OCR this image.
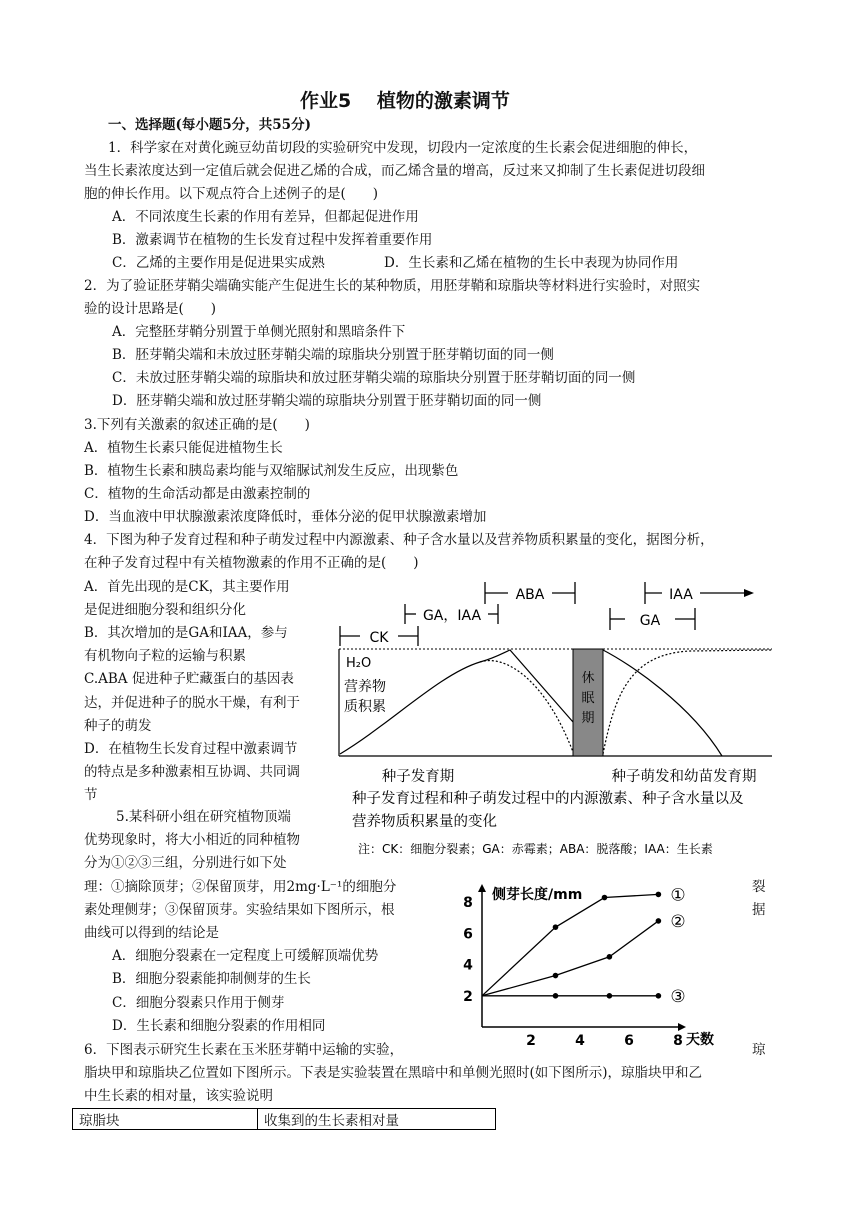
作业5　 植物的激素调节
一、选择题(每小题5分，共55分)
1．科学家在对黄化豌豆幼苗切段的实验研究中发现，切段内一定浓度的生长素会促进细胞的伸长，
当生长素浓度达到一定值后就会促进乙烯的合成，而乙烯含量的增高，反过来又抑制了生长素促进切段细
胞的伸长作用。以下观点符合上述例子的是(　　)
A．不同浓度生长素的作用有差异，但都起促进作用
B．激素调节在植物的生长发育过程中发挥着重要作用
C．乙烯的主要作用是促进果实成熟	D．生长素和乙烯在植物的生长中表现为协同作用
2．为了验证胚芽鞘尖端确实能产生促进生长的某种物质，用胚芽鞘和琼脂块等材料进行实验时，对照实
验的设计思路是(　　)
A．完整胚芽鞘分别置于单侧光照射和黑暗条件下
B．胚芽鞘尖端和未放过胚芽鞘尖端的琼脂块分别置于胚芽鞘切面的同一侧
C．未放过胚芽鞘尖端的琼脂块和放过胚芽鞘尖端的琼脂块分别置于胚芽鞘切面的同一侧
D．胚芽鞘尖端和放过胚芽鞘尖端的琼脂块分别置于胚芽鞘切面的同一侧
3.下列有关激素的叙述正确的是(　　)
A．植物生长素只能促进植物生长
B．植物生长素和胰岛素均能与双缩脲试剂发生反应，出现紫色
C．植物的生命活动都是由激素控制的
D．当血液中甲状腺激素浓度降低时，垂体分泌的促甲状腺激素增加
4．下图为种子发育过程和种子萌发过程中内源激素、种子含水量以及营养物质积累量的变化，据图分析，
在种子发育过程中有关植物激素的作用不正确的是(　　)
A．首先出现的是CK，其主要作用
是促进细胞分裂和组织分化
B．其次增加的是GA和IAA，参与
有机物向子粒的运输与积累
C.ABA 促进种子贮藏蛋白的基因表
达，并促进种子的脱水干燥，有利于
种子的萌发
D．在植物生长发育过程中激素调节
的特点是多种激素相互协调、共同调
节
ABA
GA，IAA
CK
IAA
GA
休
眠
期
H₂O
营养物
质积累
种子发育期	种子萌发和幼苗发育期
种子发育过程和种子萌发过程中的内源激素、种子含水量以及
营养物质积累量的变化
注：CK：细胞分裂素；GA：赤霉素；ABA：脱落酸；IAA：生长素
5.某科研小组在研究植物顶端
优势现象时，将大小相近的同种植物
分为①②③三组，分别进行如下处
理：①摘除顶芽；②保留顶芽，用2mg·L⁻¹的细胞分	裂
素处理侧芽；③保留顶芽。实验结果如下图所示，根	据
曲线可以得到的结论是
A．细胞分裂素在一定程度上可缓解顶端优势
B．细胞分裂素能抑制侧芽的生长
C．细胞分裂素只作用于侧芽
D．生长素和细胞分裂素的作用相同
侧芽长度/mm
天数
2	4	6	8
2
4
6
8	①
②
③
6．下图表示研究生长素在玉米胚芽鞘中运输的实验，	琼
脂块甲和琼脂块乙位置如下图所示。下表是实验装置在黑暗中和单侧光照时(如下图所示)，琼脂块甲和乙
中生长素的相对量，该实验说明
琼脂块	收集到的生长素相对量
